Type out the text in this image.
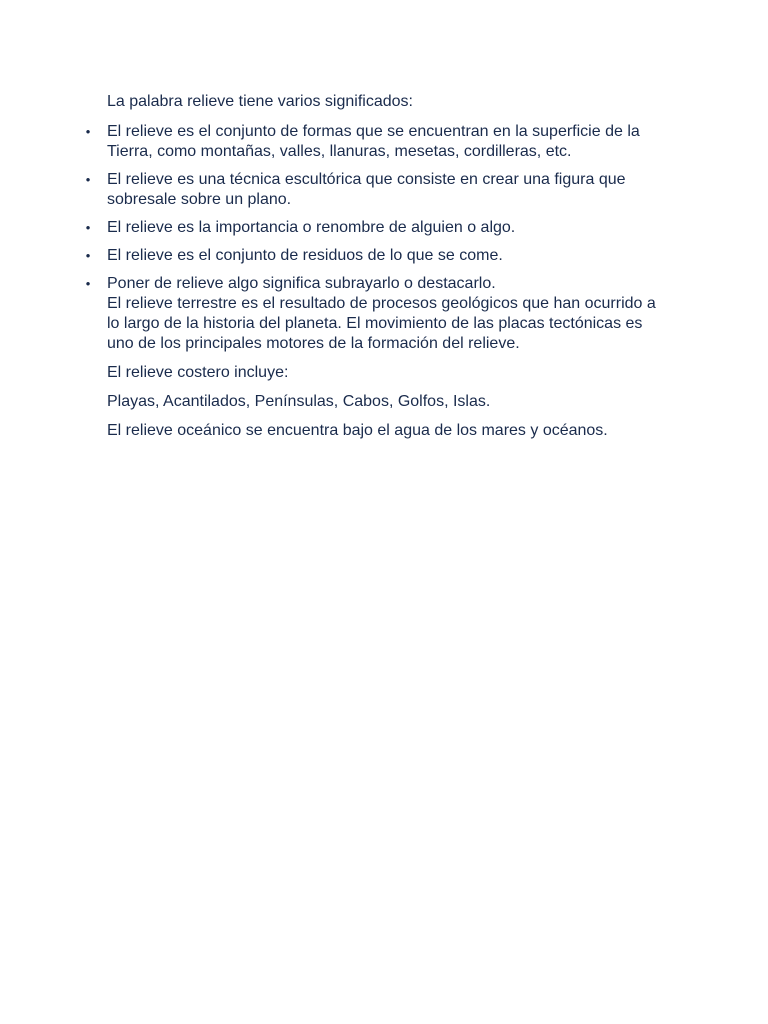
La palabra relieve tiene varios significados:

• El relieve es el conjunto de formas que se encuentran en la superficie de la Tierra, como montañas, valles, llanuras, mesetas, cordilleras, etc.
• El relieve es una técnica escultórica que consiste en crear una figura que sobresale sobre un plano.
• El relieve es la importancia o renombre de alguien o algo.
• El relieve es el conjunto de residuos de lo que se come.
• Poner de relieve algo significa subrayarlo o destacarlo.

El relieve terrestre es el resultado de procesos geológicos que han ocurrido a lo largo de la historia del planeta. El movimiento de las placas tectónicas es uno de los principales motores de la formación del relieve.

El relieve costero incluye:

Playas, Acantilados, Penínsulas, Cabos, Golfos, Islas.

El relieve oceánico se encuentra bajo el agua de los mares y océanos.
